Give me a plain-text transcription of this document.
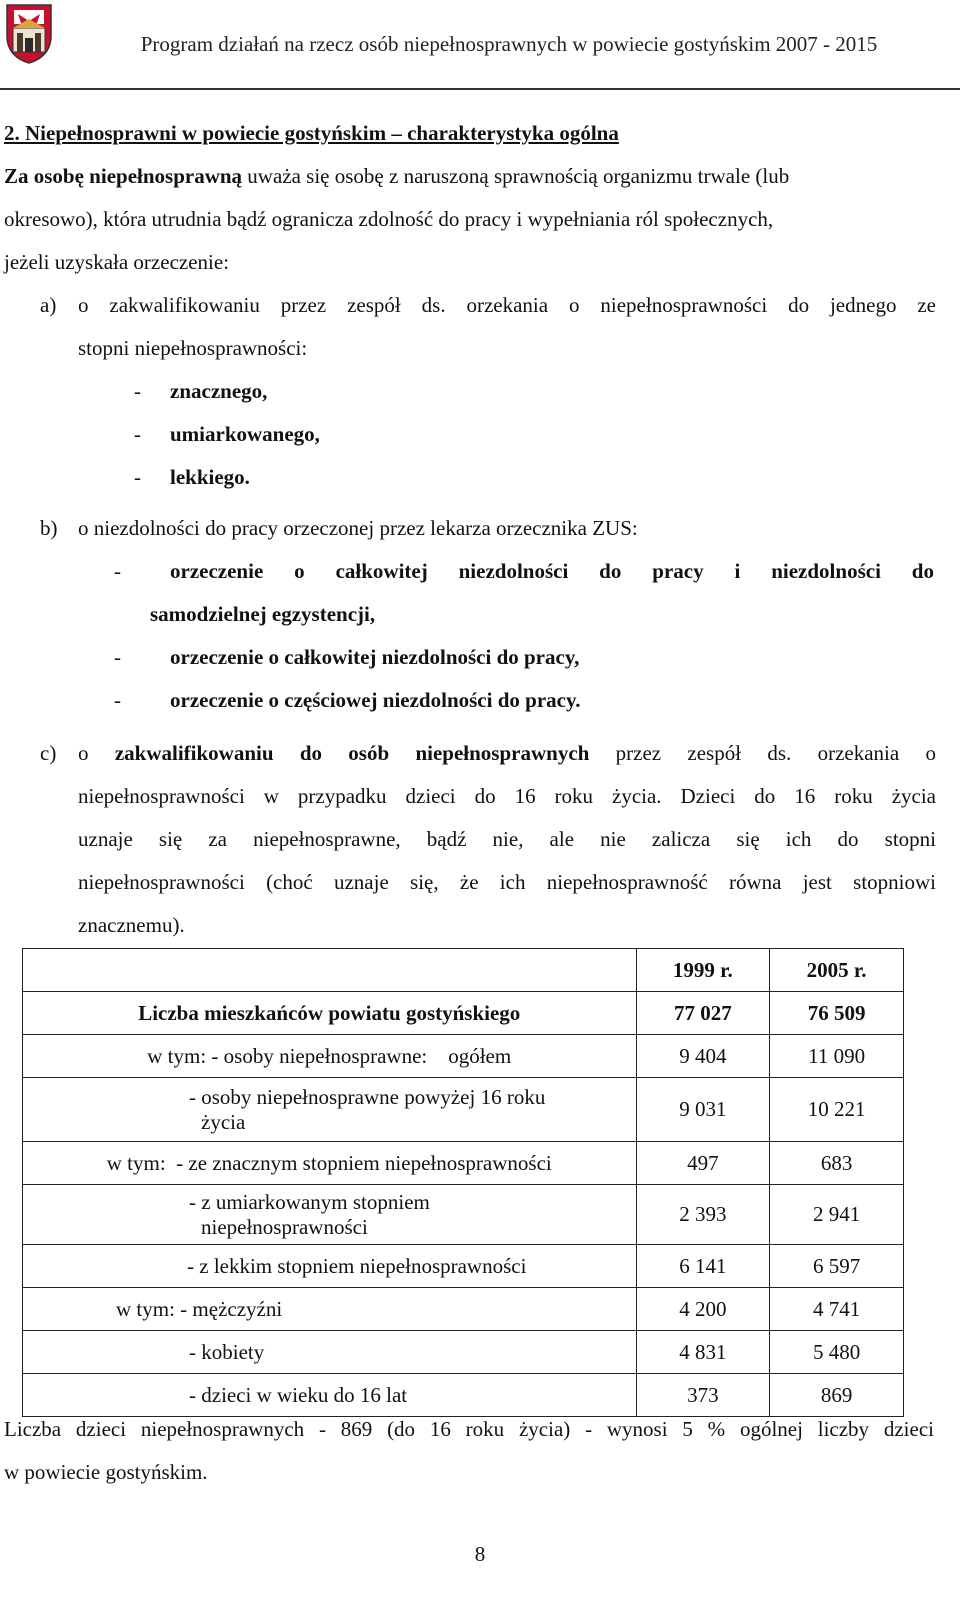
Program działań na rzecz osób niepełnosprawnych w powiecie gostyńskim 2007 - 2015
2. Niepełnosprawni w powiecie gostyńskim – charakterystyka ogólna
Za osobę niepełnosprawną uważa się osobę z naruszoną sprawnością organizmu trwale (lub
okresowo), która utrudnia bądź ogranicza zdolność do pracy i wypełniania ról społecznych,
jeżeli uzyskała orzeczenie:
a) o zakwalifikowaniu przez zespół ds. orzekania o niepełnosprawności do jednego ze
stopni niepełnosprawności:
- znacznego,
- umiarkowanego,
- lekkiego.
b) o niezdolności do pracy orzeczonej przez lekarza orzecznika ZUS:
- orzeczenie o całkowitej niezdolności do pracy i niezdolności do
samodzielnej egzystencji,
- orzeczenie o całkowitej niezdolności do pracy,
- orzeczenie o częściowej niezdolności do pracy.
c) o zakwalifikowaniu do osób niepełnosprawnych przez zespół ds. orzekania o
niepełnosprawności w przypadku dzieci do 16 roku życia. Dzieci do 16 roku życia
uznaje się za niepełnosprawne, bądź nie, ale nie zalicza się ich do stopni
niepełnosprawności (choć uznaje się, że ich niepełnosprawność równa jest stopniowi
znacznemu).
	1999 r.	2005 r.
Liczba mieszkańców powiatu gostyńskiego	77 027	76 509
w tym: - osoby niepełnosprawne:    ogółem	9 404	11 090

- osoby niepełnosprawne powyżej 16 roku
życia	9 031	10 221
w tym:  - ze znacznym stopniem niepełnosprawności	497	683

- z umiarkowanym stopniem
niepełnosprawności	2 393	2 941
- z lekkim stopniem niepełnosprawności	6 141	6 597
w tym: - mężczyźni	4 200	4 741
- kobiety	4 831	5 480
- dzieci w wieku do 16 lat	373	869
Liczba dzieci niepełnosprawnych - 869 (do 16 roku życia) - wynosi 5 % ogólnej liczby dzieci
w powiecie gostyńskim.
8
